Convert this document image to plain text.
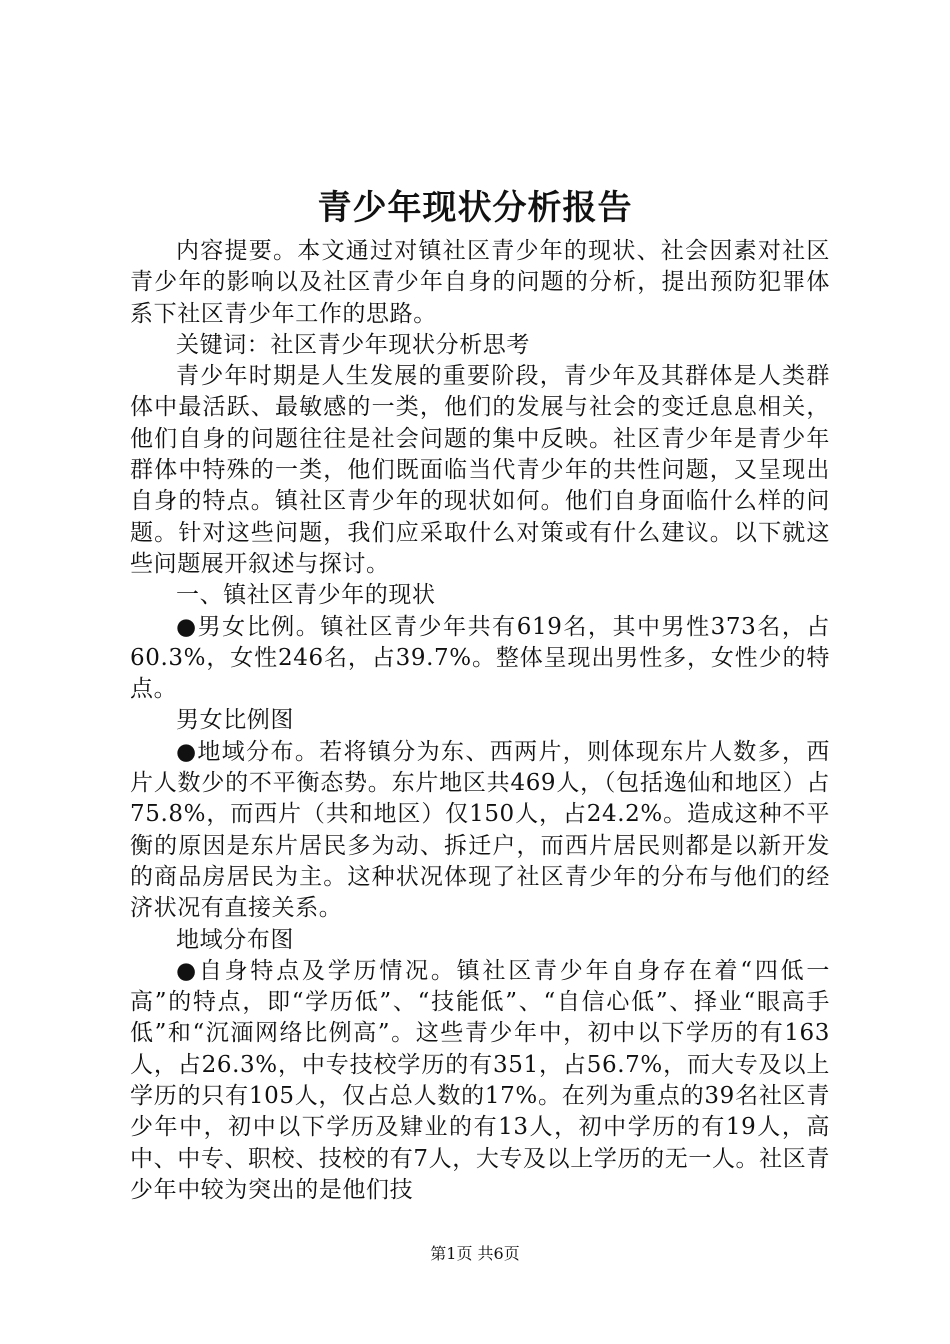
青少年现状分析报告

内容提要。本文通过对镇社区青少年的现状、社会因素对社区青少年的影响以及社区青少年自身的问题的分析，提出预防犯罪体系下社区青少年工作的思路。

关键词：社区青少年现状分析思考

青少年时期是人生发展的重要阶段，青少年及其群体是人类群体中最活跃、最敏感的一类，他们的发展与社会的变迁息息相关，他们自身的问题往往是社会问题的集中反映。社区青少年是青少年群体中特殊的一类，他们既面临当代青少年的共性问题，又呈现出自身的特点。镇社区青少年的现状如何。他们自身面临什么样的问题。针对这些问题，我们应采取什么对策或有什么建议。以下就这些问题展开叙述与探讨。

一、镇社区青少年的现状

●男女比例。镇社区青少年共有619名，其中男性373名，占60.3%，女性246名，占39.7%。整体呈现出男性多，女性少的特点。

男女比例图

●地域分布。若将镇分为东、西两片，则体现东片人数多，西片人数少的不平衡态势。东片地区共469人，（包括逸仙和地区）占75.8%，而西片（共和地区）仅150人，占24.2%。造成这种不平衡的原因是东片居民多为动、拆迁户，而西片居民则都是以新开发的商品房居民为主。这种状况体现了社区青少年的分布与他们的经济状况有直接关系。

地域分布图

●自身特点及学历情况。镇社区青少年自身存在着“四低一高”的特点，即“学历低”、“技能低”、“自信心低”、择业“眼高手低”和“沉湎网络比例高”。这些青少年中，初中以下学历的有163人，占26.3%，中专技校学历的有351，占56.7%，而大专及以上学历的只有105人，仅占总人数的17%。在列为重点的39名社区青少年中，初中以下学历及肄业的有13人，初中学历的有19人，高中、中专、职校、技校的有7人，大专及以上学历的无一人。社区青少年中较为突出的是他们技

第1页 共6页
